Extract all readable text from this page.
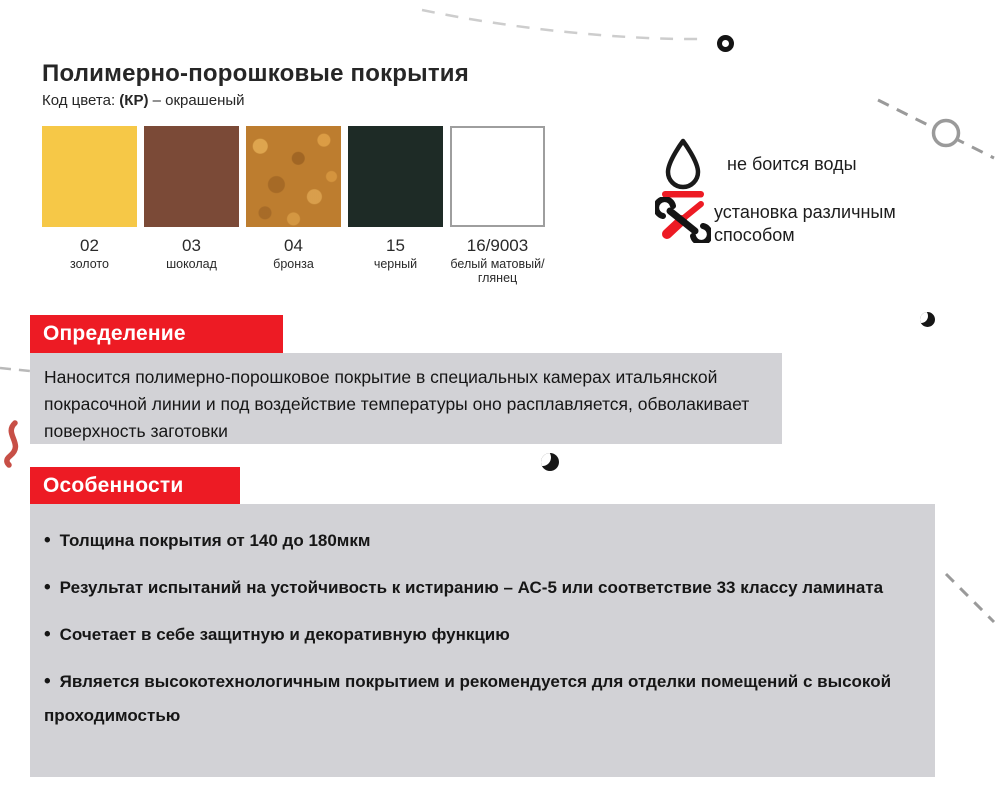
Полимерно-порошковые покрытия

Код цвета: (КР) – окрашеный

02
золото
03
шоколад
04
бронза
15
черный
16/9003
белый матовый/глянец
не боится воды
установка различным способом
Определение
Наносится полимерно-порошковое покрытие в специальных камерах итальянской покрасочной линии и под воздействие температуры оно расплавляется, обволакивает поверхность заготовки
Особенности

• Толщина покрытия от 140 до 180мкм

• Результат испытаний на устойчивость к истиранию – АС-5 или соответствие 33 классу ламината

• Сочетает в себе защитную и декоративную функцию

• Является высокотехнологичным покрытием и рекомендуется для отделки помещений с высокой проходимостью
